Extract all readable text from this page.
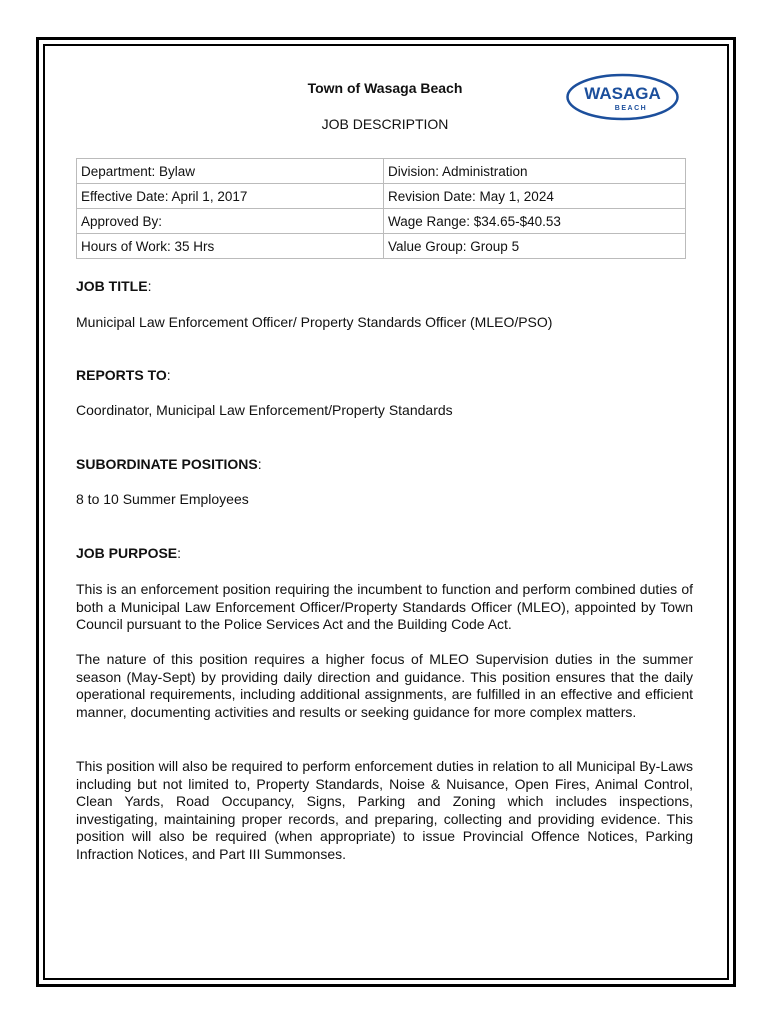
Town of Wasaga Beach
JOB DESCRIPTION
WASAGA
BEACH
Department: Bylaw	Division: Administration
Effective Date: April 1, 2017	Revision Date: May 1, 2024
Approved By:	Wage Range: $34.65-$40.53
Hours of Work: 35 Hrs	Value Group: Group 5
JOB TITLE:
Municipal Law Enforcement Officer/ Property Standards Officer (MLEO/PSO)
REPORTS TO:
Coordinator, Municipal Law Enforcement/Property Standards
SUBORDINATE POSITIONS:
8 to 10 Summer Employees
JOB PURPOSE:
This is an enforcement position requiring the incumbent to function and perform combined duties of both a Municipal Law Enforcement Officer/Property Standards Officer (MLEO), appointed by Town Council pursuant to the Police Services Act and the Building Code Act.
The nature of this position requires a higher focus of MLEO Supervision duties in the summer season (May-Sept) by providing daily direction and guidance. This position ensures that the daily operational requirements, including additional assignments, are fulfilled in an effective and efficient manner, documenting activities and results or seeking guidance for more complex matters.
This position will also be required to perform enforcement duties in relation to all Municipal By-Laws including but not limited to, Property Standards, Noise & Nuisance, Open Fires, Animal Control, Clean Yards, Road Occupancy, Signs, Parking and Zoning which includes inspections, investigating, maintaining proper records, and preparing, collecting and providing evidence. This position will also be required (when appropriate) to issue Provincial Offence Notices, Parking Infraction Notices, and Part III Summonses.
